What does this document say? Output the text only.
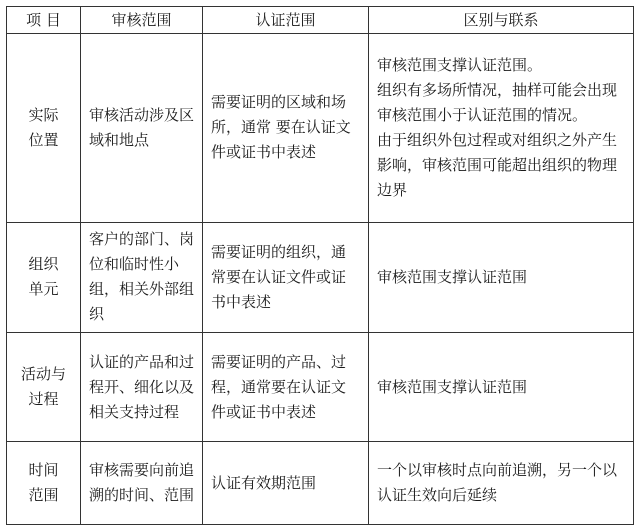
项 目	审核范围	认证范围	区别与联系

实际
位置	审核活动涉及区域和地点	需要证明的区域和场所，通常 要在认证文件或证书中表述	审核范围支撑认证范围。
组织有多场所情况，抽样可能会出现审核范围小于认证范围的情况。
由于组织外包过程或对组织之外产生影响，审核范围可能超出组织的物理边界

组织
单元	客户的部门、岗位和临时性小组，相关外部组织	需要证明的组织，通常要在认证文件或证书中表述	审核范围支撑认证范围

活动与
过程	认证的产品和过程开、细化以及相关支持过程	需要证明的产品、过程，通常要在认证文件或证书中表述	审核范围支撑认证范围

时间
范围	审核需要向前追溯的时间、范围	认证有效期范围	一个以审核时点向前追溯，另一个以认证生效向后延续
